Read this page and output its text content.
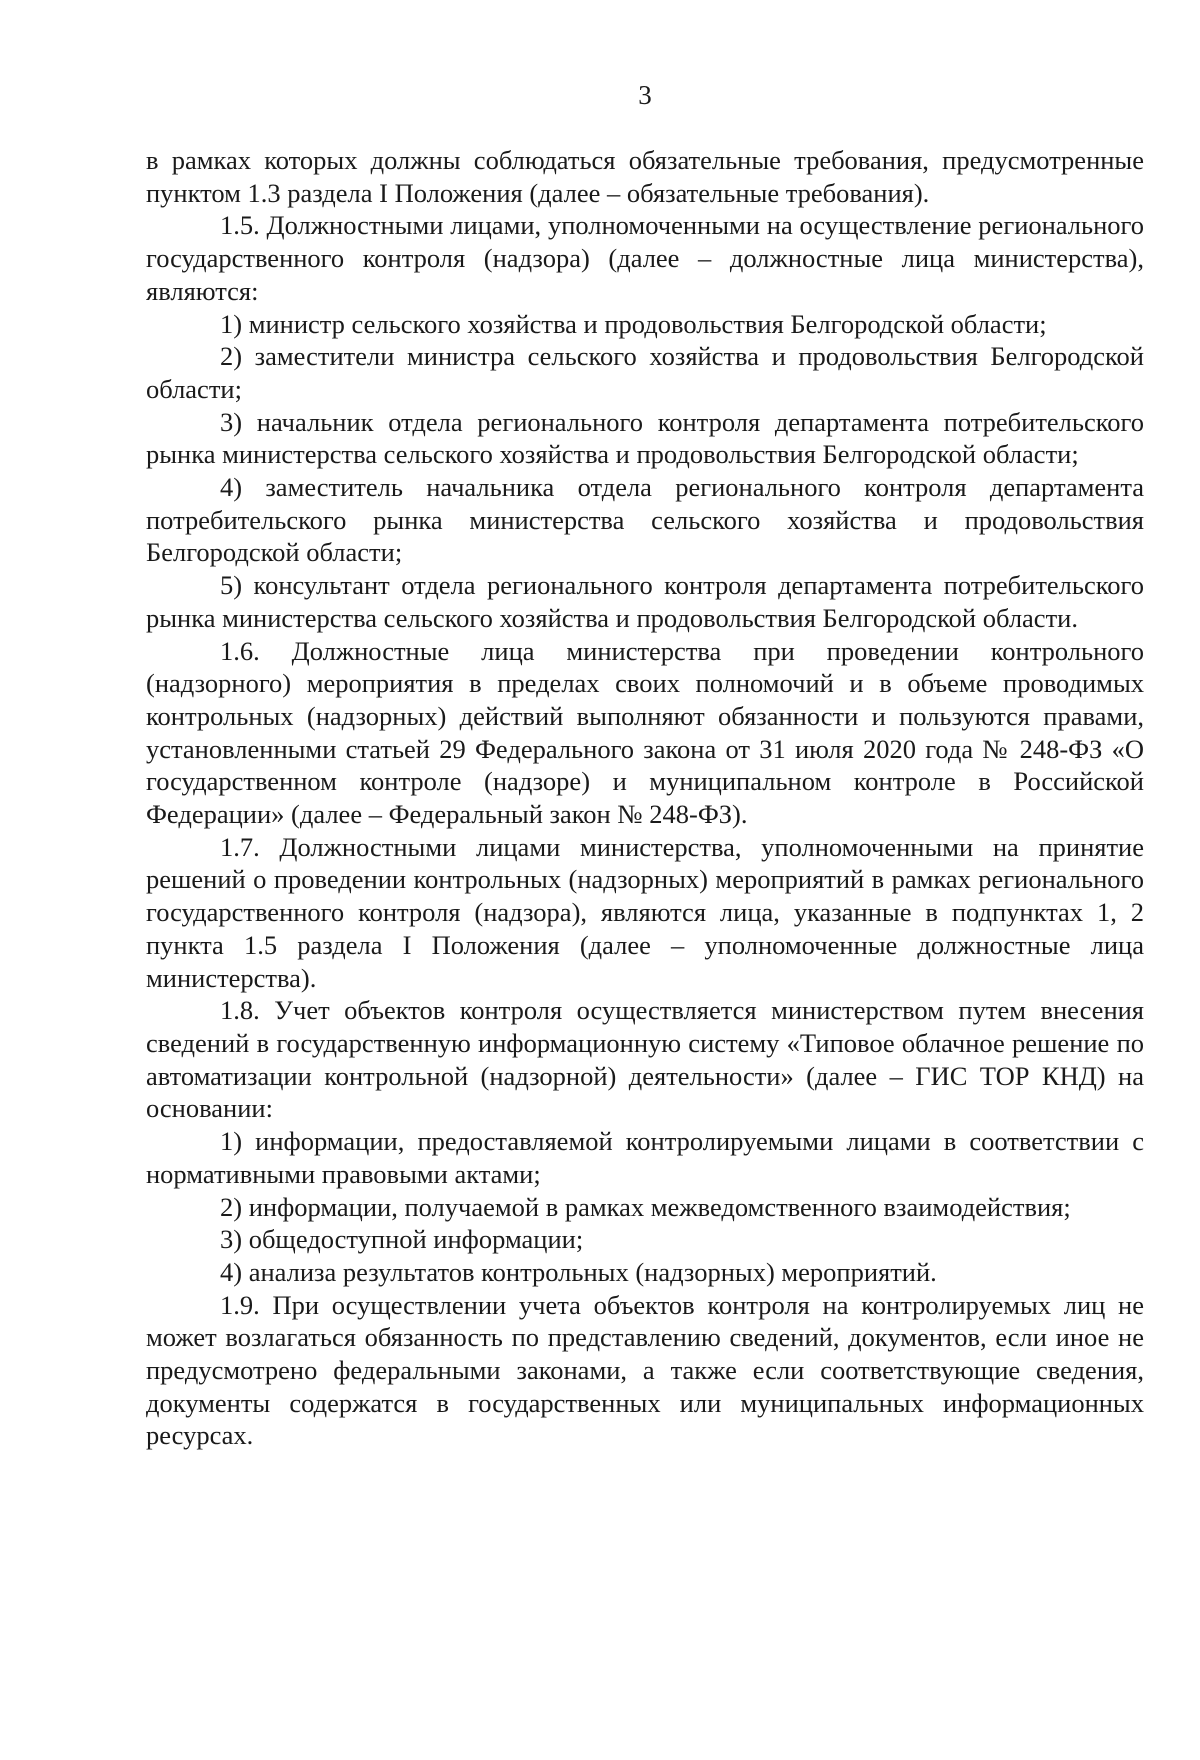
3

в рамках которых должны соблюдаться обязательные требования, предусмотренные пунктом 1.3 раздела I Положения (далее – обязательные требования).

1.5. Должностными лицами, уполномоченными на осуществление регионального государственного контроля (надзора) (далее – должностные лица министерства), являются:

1) министр сельского хозяйства и продовольствия Белгородской области;

2) заместители министра сельского хозяйства и продовольствия Белгородской области;

3) начальник отдела регионального контроля департамента потребительского рынка министерства сельского хозяйства и продовольствия Белгородской области;

4) заместитель начальника отдела регионального контроля департамента потребительского рынка министерства сельского хозяйства и продовольствия Белгородской области;

5) консультант отдела регионального контроля департамента потребительского рынка министерства сельского хозяйства и продовольствия Белгородской области.

1.6. Должностные лица министерства при проведении контрольного (надзорного) мероприятия в пределах своих полномочий и в объеме проводимых контрольных (надзорных) действий выполняют обязанности и пользуются правами, установленными статьей 29 Федерального закона от 31 июля 2020 года № 248-ФЗ «О государственном контроле (надзоре) и муниципальном контроле в Российской Федерации» (далее – Федеральный закон № 248-ФЗ).

1.7. Должностными лицами министерства, уполномоченными на принятие решений о проведении контрольных (надзорных) мероприятий в рамках регионального государственного контроля (надзора), являются лица, указанные в подпунктах 1, 2 пункта 1.5 раздела I Положения (далее – уполномоченные должностные лица министерства).

1.8. Учет объектов контроля осуществляется министерством путем внесения сведений в государственную информационную систему «Типовое облачное решение по автоматизации контрольной (надзорной) деятельности» (далее – ГИС ТОР КНД) на основании:

1) информации, предоставляемой контролируемыми лицами в соответствии с нормативными правовыми актами;

2) информации, получаемой в рамках межведомственного взаимодействия;

3) общедоступной информации;

4) анализа результатов контрольных (надзорных) мероприятий.

1.9. При осуществлении учета объектов контроля на контролируемых лиц не может возлагаться обязанность по представлению сведений, документов, если иное не предусмотрено федеральными законами, а также если соответствующие сведения, документы содержатся в государственных или муниципальных информационных ресурсах.
